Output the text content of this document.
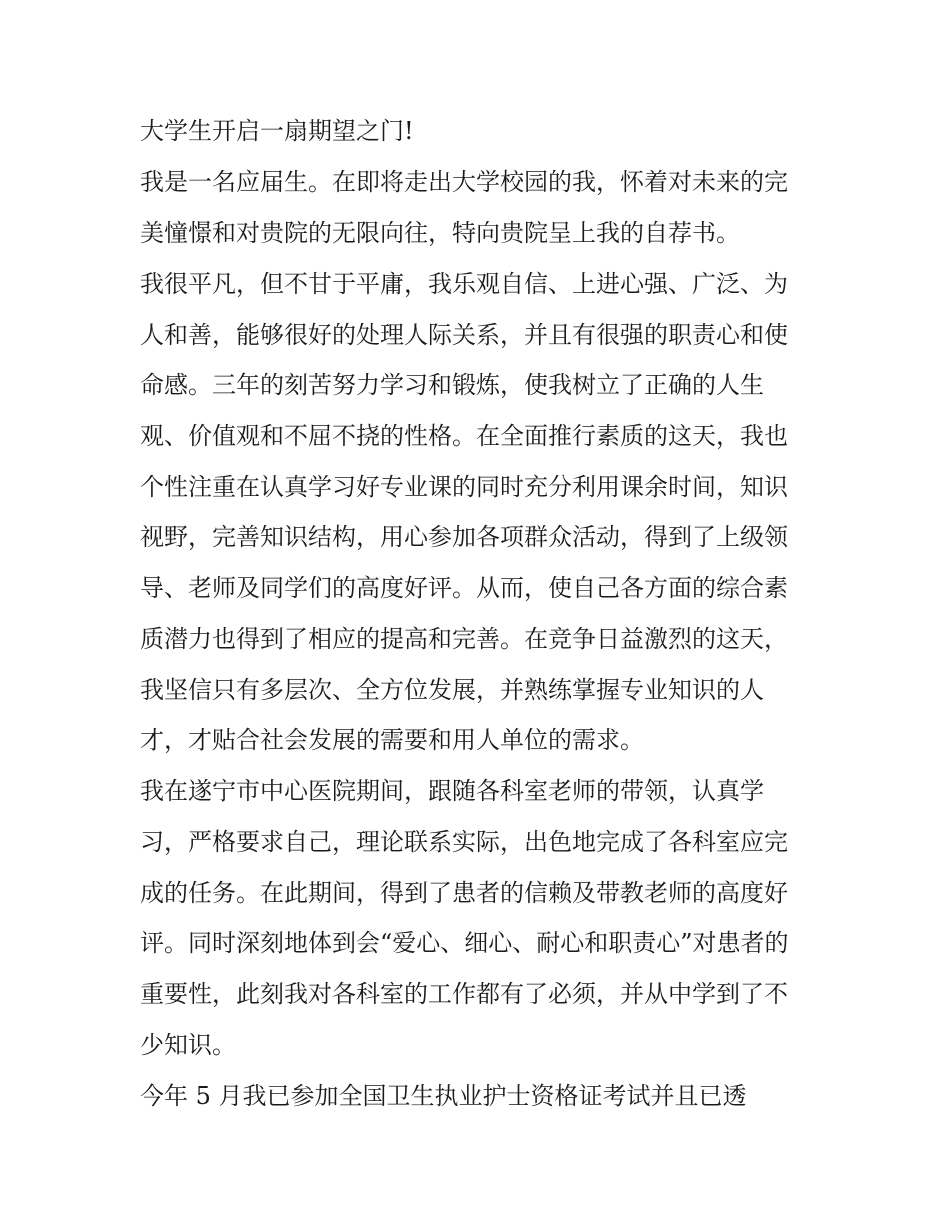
大学生开启一扇期望之门!

我是一名应届生。在即将走出大学校园的我，怀着对未来的完

美憧憬和对贵院的无限向往，特向贵院呈上我的自荐书。

我很平凡，但不甘于平庸，我乐观自信、上进心强、广泛、为

人和善，能够很好的处理人际关系，并且有很强的职责心和使

命感。三年的刻苦努力学习和锻炼，使我树立了正确的人生

观、价值观和不屈不挠的性格。在全面推行素质的这天，我也

个性注重在认真学习好专业课的同时充分利用课余时间，知识

视野，完善知识结构，用心参加各项群众活动，得到了上级领

导、老师及同学们的高度好评。从而，使自己各方面的综合素

质潜力也得到了相应的提高和完善。在竞争日益激烈的这天，

我坚信只有多层次、全方位发展，并熟练掌握专业知识的人

才，才贴合社会发展的需要和用人单位的需求。

我在遂宁市中心医院期间，跟随各科室老师的带领，认真学

习，严格要求自己，理论联系实际，出色地完成了各科室应完

成的任务。在此期间，得到了患者的信赖及带教老师的高度好

评。同时深刻地体到会“爱心、细心、耐心和职责心”对患者的

重要性，此刻我对各科室的工作都有了必须，并从中学到了不

少知识。

今年 5 月我已参加全国卫生执业护士资格证考试并且已透
